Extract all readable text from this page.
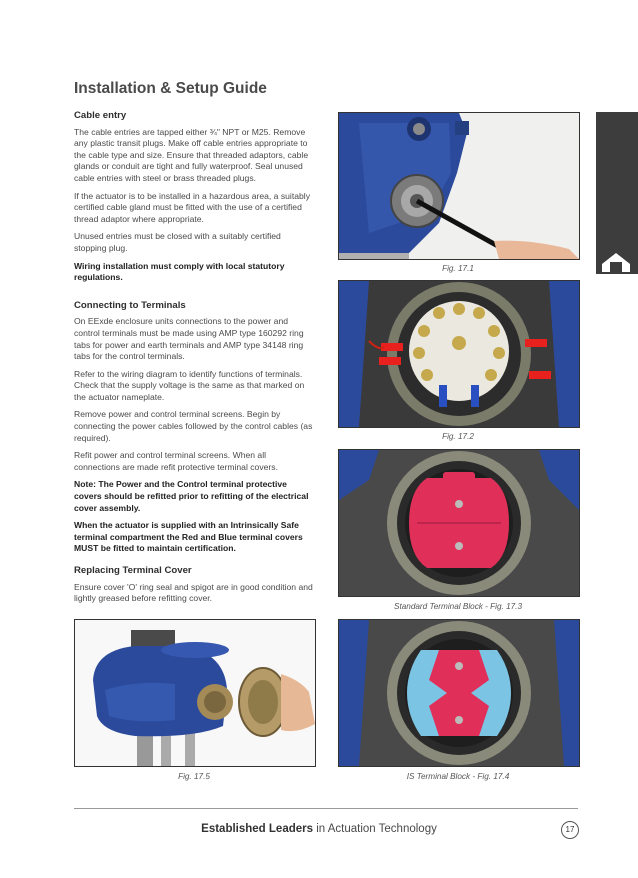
Installation & Setup Guide
Cable entry

The cable entries are tapped either ¾" NPT or M25. Remove any plastic transit plugs. Make off cable entries appropriate to the cable type and size. Ensure that threaded adaptors, cable glands or conduit are tight and fully waterproof. Seal unused cable entries with steel or brass threaded plugs.

If the actuator is to be installed in a hazardous area, a suitably certified cable gland must be fitted with the use of a certified thread adaptor where appropriate.

Unused entries must be closed with a suitably certified stopping plug.

Wiring installation must comply with local statutory regulations.

Connecting to Terminals

On EExde enclosure units connections to the power and control terminals must be made using AMP type 160292 ring tabs for power and earth terminals and AMP type 34148 ring tabs for the control terminals.

Refer to the wiring diagram to identify functions of terminals. Check that the supply voltage is the same as that marked on the actuator nameplate.

Remove power and control terminal screens. Begin by connecting the power cables followed by the control cables (as required).

Refit power and control terminal screens. When all connections are made refit protective terminal covers.

Note: The Power and the Control terminal protective covers should be refitted prior to refitting of the electrical cover assembly.

When the actuator is supplied with an Intrinsically Safe terminal compartment the Red and Blue terminal covers MUST be fitted to maintain certification.

Replacing Terminal Cover

Ensure cover 'O' ring seal and spigot are in good condition and lightly greased before refitting cover.

Fig. 17.1
Fig. 17.2
Standard Terminal Block - Fig. 17.3
IS Terminal Block - Fig. 17.4
Fig. 17.5
Established Leaders in Actuation Technology	17
